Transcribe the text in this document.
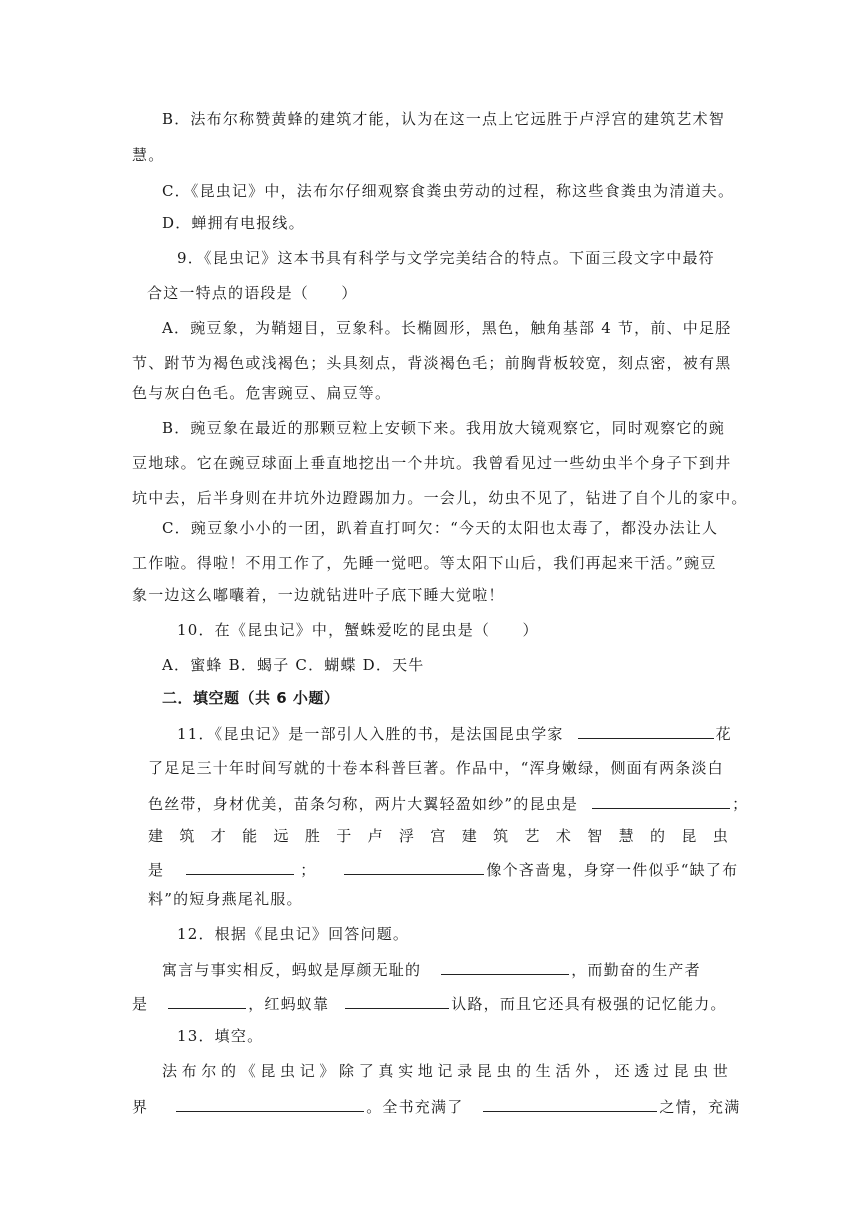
B．法布尔称赞黄蜂的建筑才能，认为在这一点上它远胜于卢浮宫的建筑艺术智
慧。
C．《昆虫记》中，法布尔仔细观察食粪虫劳动的过程，称这些食粪虫为清道夫。
D．蝉拥有电报线。
9．《昆虫记》这本书具有科学与文学完美结合的特点。下面三段文字中最符
合这一特点的语段是（　　）
A．豌豆象，为鞘翅目，豆象科。长椭圆形，黑色，触角基部 4 节，前、中足胫
节、跗节为褐色或浅褐色；头具刻点，背淡褐色毛；前胸背板较宽，刻点密，被有黑
色与灰白色毛。危害豌豆、扁豆等。
B．豌豆象在最近的那颗豆粒上安顿下来。我用放大镜观察它，同时观察它的豌
豆地球。它在豌豆球面上垂直地挖出一个井坑。我曾看见过一些幼虫半个身子下到井
坑中去，后半身则在井坑外边蹬踢加力。一会儿，幼虫不见了，钻进了自个儿的家中。
C．豌豆象小小的一团，趴着直打呵欠：“今天的太阳也太毒了，都没办法让人
工作啦。得啦！不用工作了，先睡一觉吧。等太阳下山后，我们再起来干活。”豌豆
象一边这么嘟囔着，一边就钻进叶子底下睡大觉啦！
10．在《昆虫记》中，蟹蛛爱吃的昆虫是（　　）
A．蜜蜂 B．蝎子 C．蝴蝶 D．天牛
二．填空题（共 6 小题）
11．《昆虫记》是一部引人入胜的书，是法国昆虫学家	花
了足足三十年时间写就的十卷本科普巨著。作品中，“浑身嫩绿，侧面有两条淡白
色丝带，身材优美，苗条匀称，两片大翼轻盈如纱”的昆虫是	；
建 筑 才 能 远 胜 于 卢 浮 宫 建 筑 艺 术 智 慧 的 昆 虫
是	；	像个吝啬鬼，身穿一件似乎“缺了布
料”的短身燕尾礼服。
12．根据《昆虫记》回答问题。
寓言与事实相反，蚂蚁是厚颜无耻的	，而勤奋的生产者
是	，红蚂蚁靠	认路，而且它还具有极强的记忆能力。
13．填空。
法 布 尔 的 《 昆 虫 记 》 除 了 真 实 地 记 录 昆 虫 的 生 活 外 ， 还 透 过 昆 虫 世
界	。全书充满了	之情，充满
